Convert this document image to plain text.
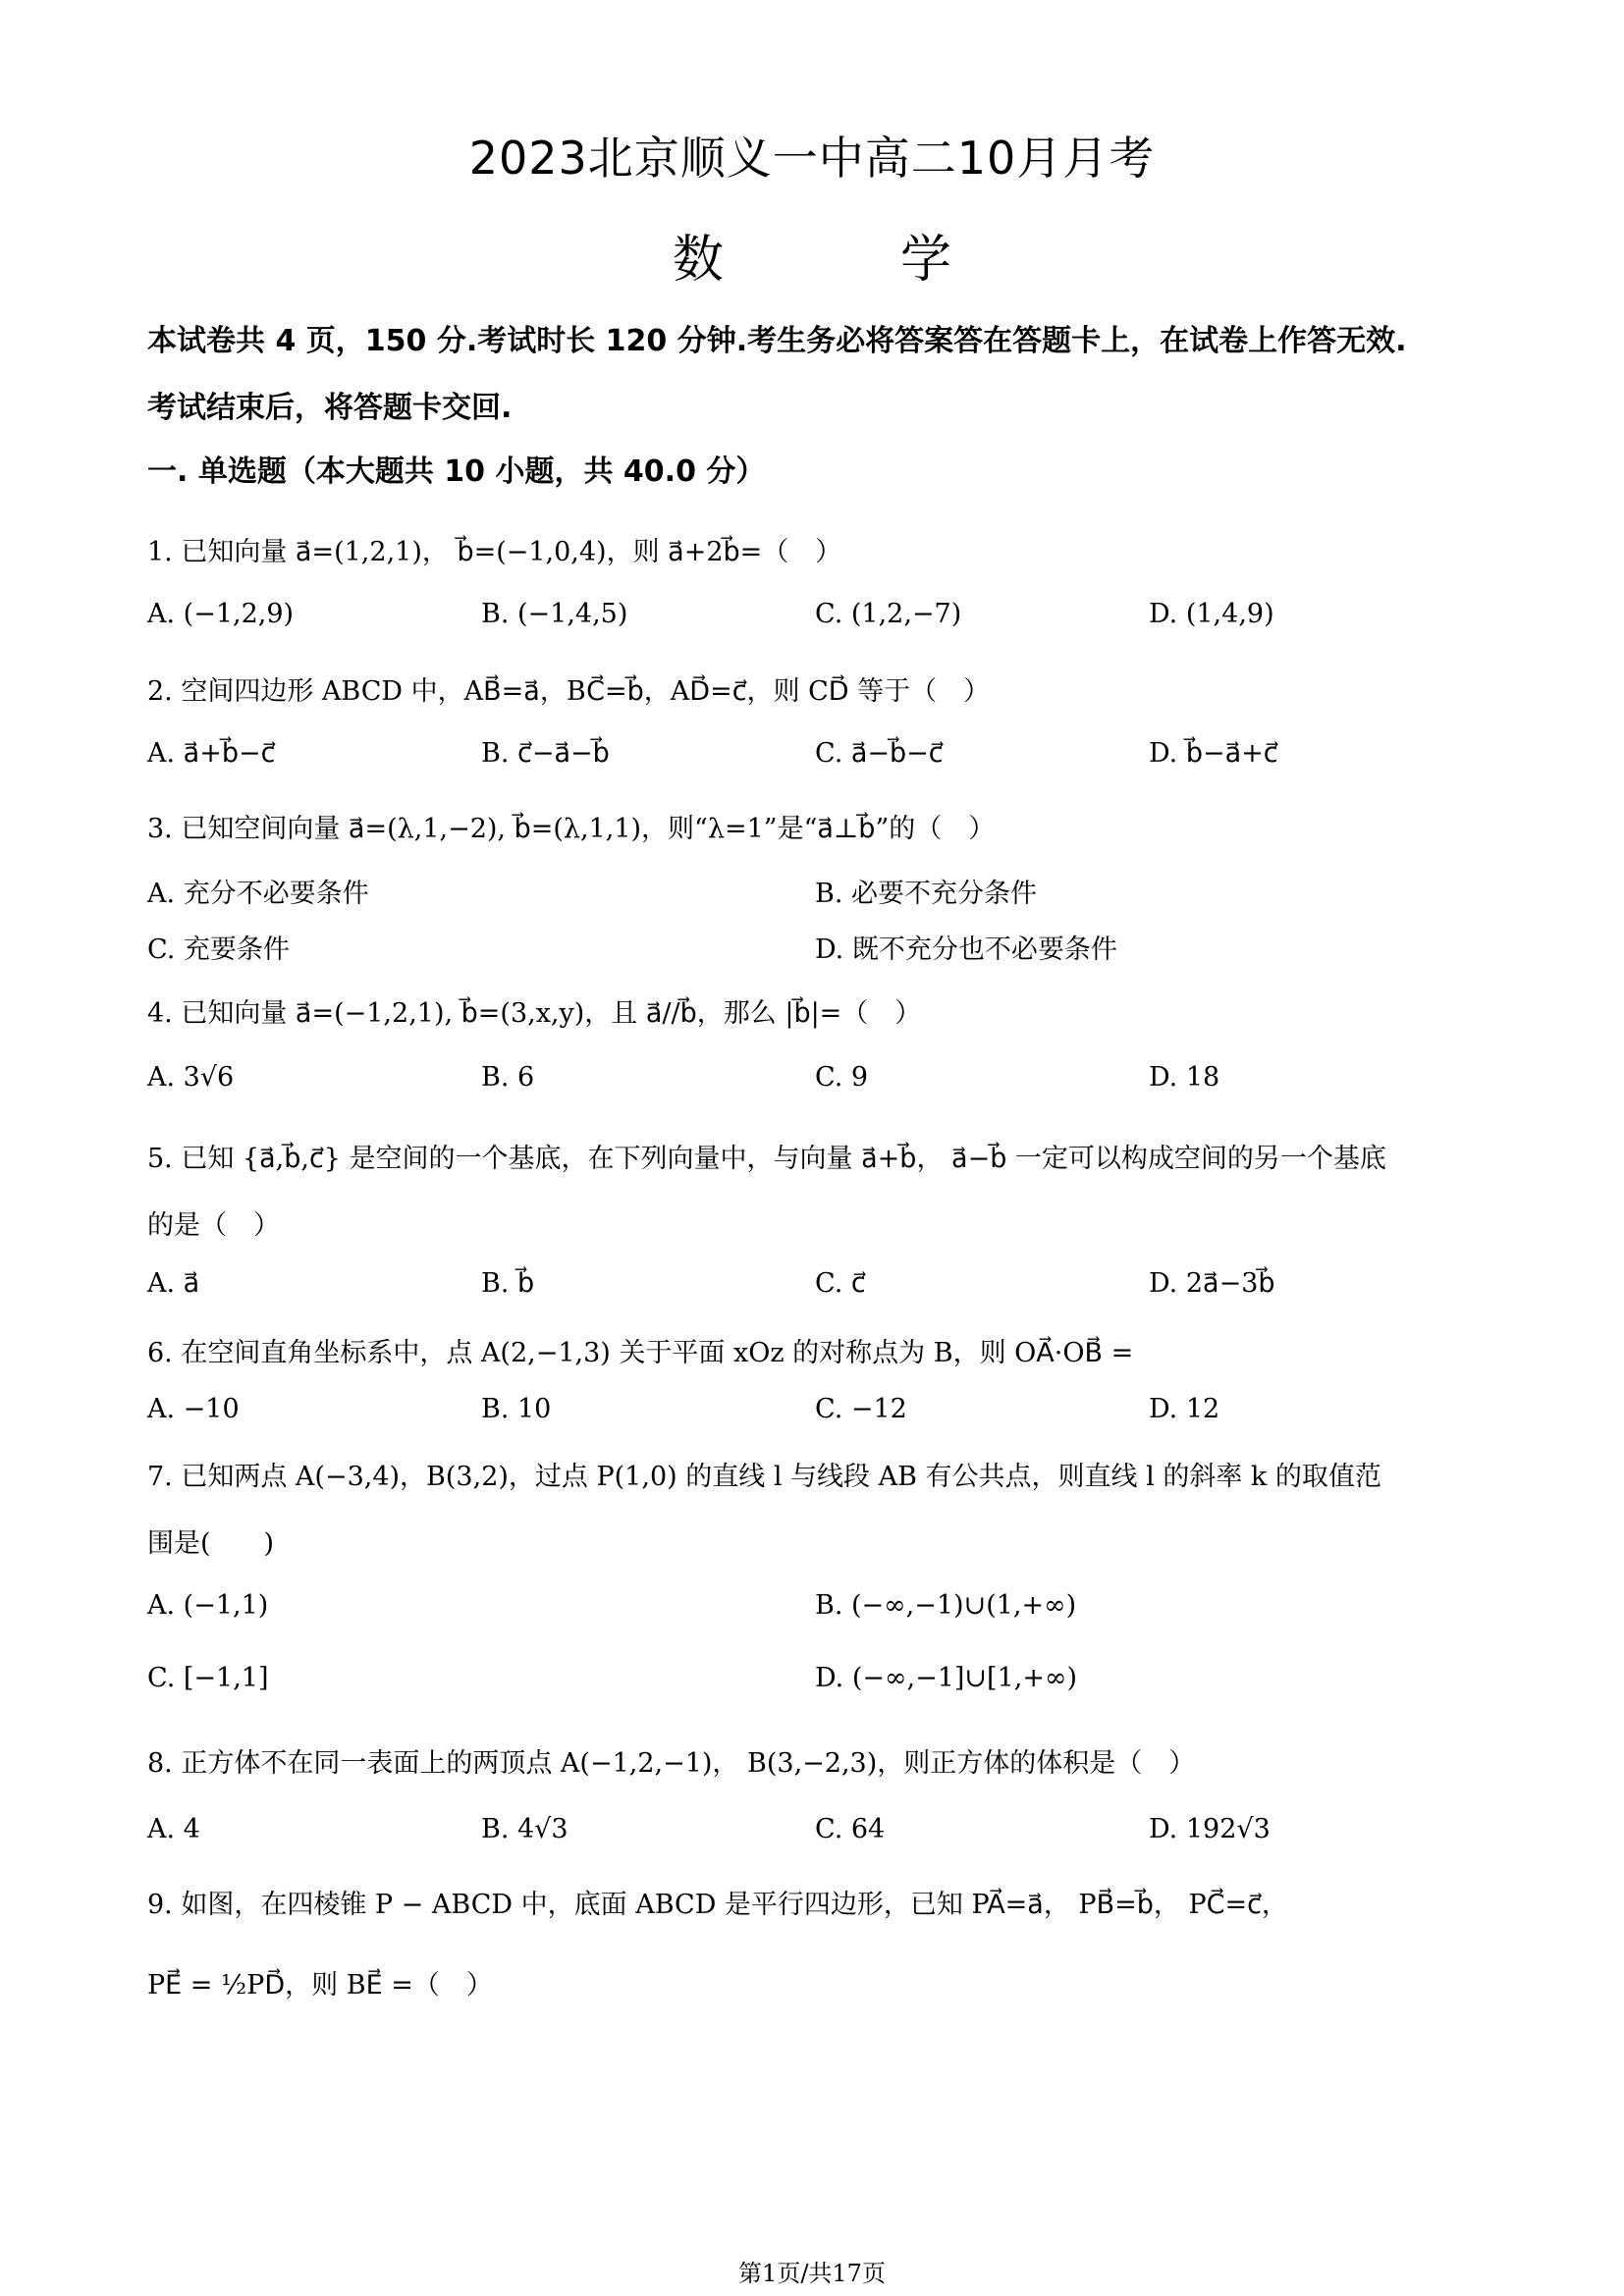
2023北京顺义一中高二10月月考
数　学
本试卷共 4 页，150 分.考试时长 120 分钟.考生务必将答案答在答题卡上，在试卷上作答无效.
考试结束后，将答题卡交回.
一. 单选题（本大题共 10 小题，共 40.0 分）
1. 已知向量 a⃗=(1,2,1)， b⃗=(−1,0,4)，则 a⃗+2b⃗=（　）
A. (−1,2,9)	B. (−1,4,5)	C. (1,2,−7)	D. (1,4,9)
2. 空间四边形 ABCD 中，AB⃗=a⃗，BC⃗=b⃗，AD⃗=c⃗，则 CD⃗ 等于（　）
A. a⃗+b⃗−c⃗	B. c⃗−a⃗−b⃗	C. a⃗−b⃗−c⃗	D. b⃗−a⃗+c⃗
3. 已知空间向量 a⃗=(λ,1,−2), b⃗=(λ,1,1)，则“λ=1”是“a⃗⊥b⃗”的（　）
A. 充分不必要条件	B. 必要不充分条件
C. 充要条件	D. 既不充分也不必要条件
4. 已知向量 a⃗=(−1,2,1), b⃗=(3,x,y)，且 a⃗//b⃗，那么 |b⃗|=（　）
A. 3√6	B. 6	C. 9	D. 18
5. 已知 {a⃗,b⃗,c⃗} 是空间的一个基底，在下列向量中，与向量 a⃗+b⃗， a⃗−b⃗ 一定可以构成空间的另一个基底
的是（　）
A. a⃗	B. b⃗	C. c⃗	D. 2a⃗−3b⃗
6. 在空间直角坐标系中，点 A(2,−1,3) 关于平面 xOz 的对称点为 B，则 OA⃗·OB⃗ =
A. −10	B. 10	C. −12	D. 12
7. 已知两点 A(−3,4)，B(3,2)，过点 P(1,0) 的直线 l 与线段 AB 有公共点，则直线 l 的斜率 k 的取值范
围是(　　)
A. (−1,1)	B. (−∞,−1)∪(1,+∞)
C. [−1,1]	D. (−∞,−1]∪[1,+∞)
8. 正方体不在同一表面上的两顶点 A(−1,2,−1)， B(3,−2,3)，则正方体的体积是（　）
A. 4	B. 4√3	C. 64	D. 192√3
9. 如图，在四棱锥 P − ABCD 中，底面 ABCD 是平行四边形，已知 PA⃗=a⃗， PB⃗=b⃗， PC⃗=c⃗，
PE⃗ = ½PD⃗，则 BE⃗ =（　）
第1页/共17页
